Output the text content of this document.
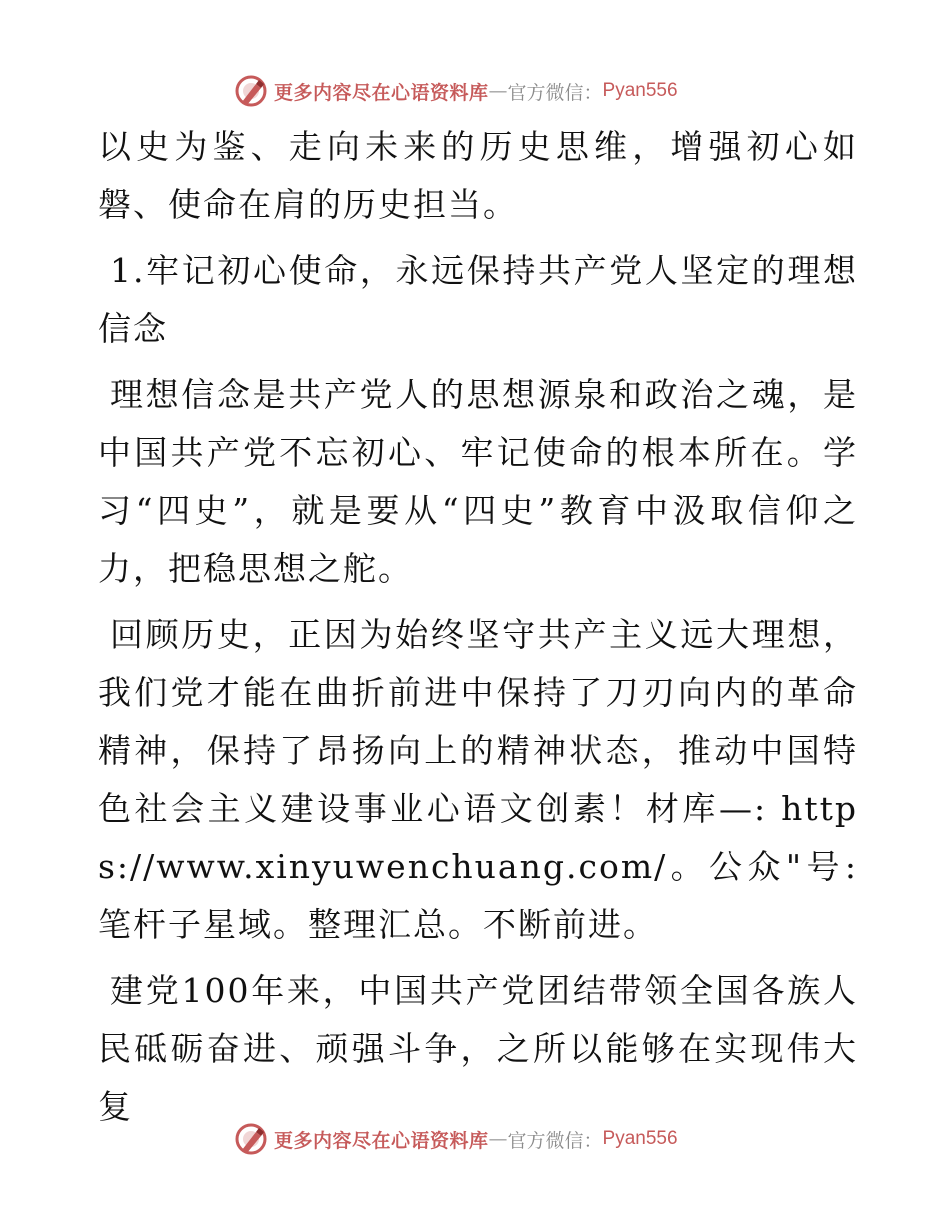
更多内容尽在心语资料库 — 官方微信： Pyan556

以史为鉴、走向未来的历史思维，增强初心如磐、使命在肩的历史担当。

1.牢记初心使命，永远保持共产党人坚定的理想信念

理想信念是共产党人的思想源泉和政治之魂，是中国共产党不忘初心、牢记使命的根本所在。学习“四史”，就是要从“四史”教育中汲取信仰之力，把稳思想之舵。

回顾历史，正因为始终坚守共产主义远大理想，我们党才能在曲折前进中保持了刀刃向内的革命精神，保持了昂扬向上的精神状态，推动中国特色社会主义建设事业心语文创素！材库—: https://www.xinyuwenchuang.com/。公众"号: 笔杆子星域。整理汇总。不断前进。

建党100年来，中国共产党团结带领全国各族人民砥砺奋进、顽强斗争，之所以能够在实现伟大复

更多内容尽在心语资料库 — 官方微信： Pyan556
